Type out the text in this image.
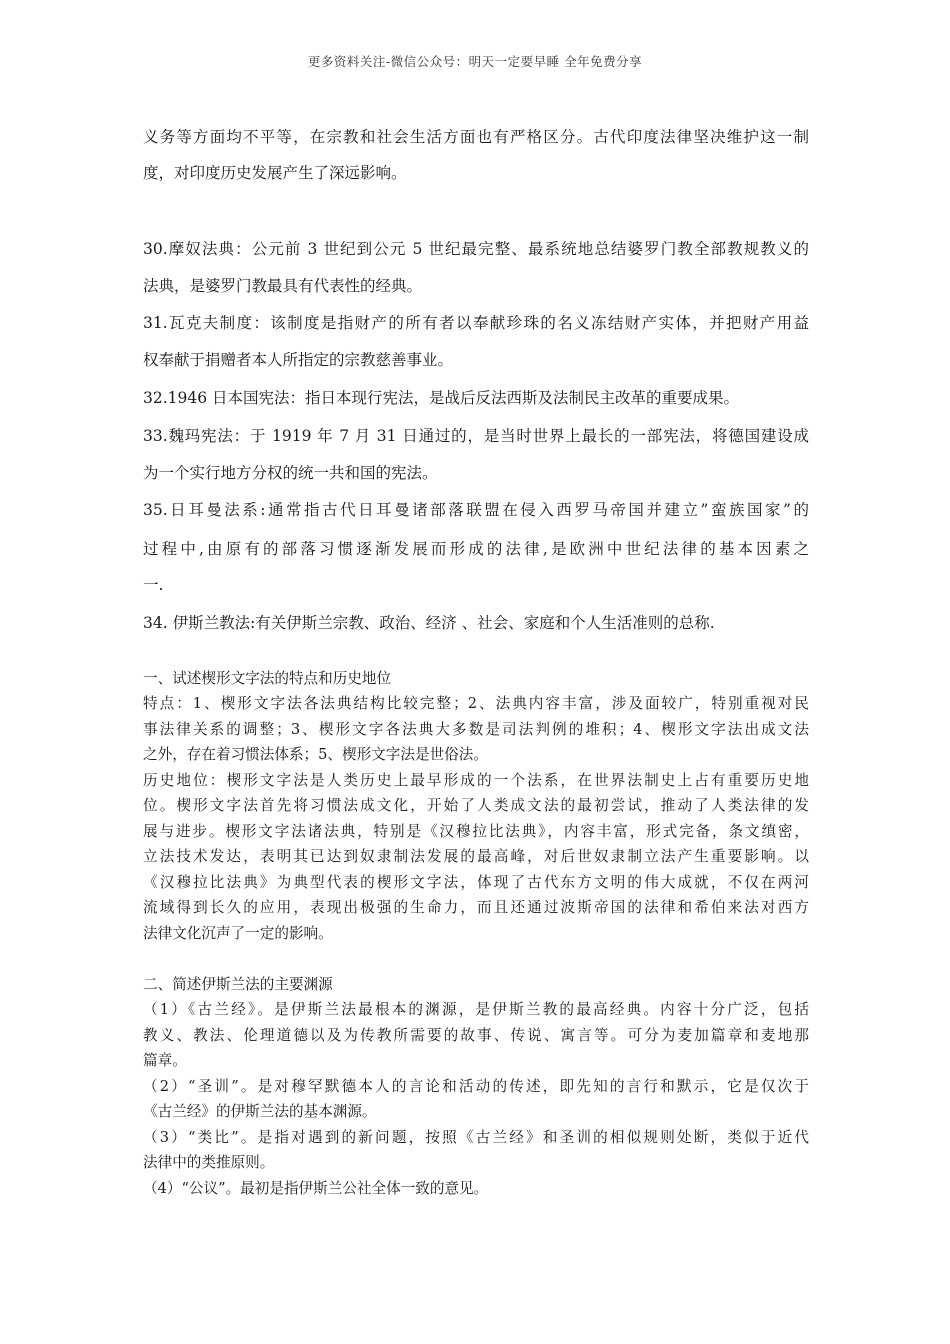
更多资料关注-微信公众号：明天一定要早睡 全年免费分享
义务等方面均不平等，在宗教和社会生活方面也有严格区分。古代印度法律坚决维护这一制
度，对印度历史发展产生了深远影响。
30.摩奴法典：公元前 3 世纪到公元 5 世纪最完整、最系统地总结婆罗门教全部教规教义的
法典，是婆罗门教最具有代表性的经典。
31.瓦克夫制度：该制度是指财产的所有者以奉献珍珠的名义冻结财产实体，并把财产用益
权奉献于捐赠者本人所指定的宗教慈善事业。
32.1946 日本国宪法：指日本现行宪法，是战后反法西斯及法制民主改革的重要成果。
33.魏玛宪法：于 1919 年 7 月 31 日通过的，是当时世界上最长的一部宪法，将德国建设成
为一个实行地方分权的统一共和国的宪法。
35.日耳曼法系:通常指古代日耳曼诸部落联盟在侵入西罗马帝国并建立”蛮族国家”的
过程中,由原有的部落习惯逐渐发展而形成的法律,是欧洲中世纪法律的基本因素之
一.
34. 伊斯兰教法:有关伊斯兰宗教、政治、经济 、社会、家庭和个人生活准则的总称.
一、试述楔形文字法的特点和历史地位
特点：1、楔形文字法各法典结构比较完整；2、法典内容丰富，涉及面较广，特别重视对民
事法律关系的调整；3、楔形文字各法典大多数是司法判例的堆积；4、楔形文字法出成文法
之外，存在着习惯法体系；5、楔形文字法是世俗法。
历史地位：楔形文字法是人类历史上最早形成的一个法系，在世界法制史上占有重要历史地
位。楔形文字法首先将习惯法成文化，开始了人类成文法的最初尝试，推动了人类法律的发
展与进步。楔形文字法诸法典，特别是《汉穆拉比法典》，内容丰富，形式完备，条文缜密，
立法技术发达，表明其已达到奴隶制法发展的最高峰，对后世奴隶制立法产生重要影响。以
《汉穆拉比法典》为典型代表的楔形文字法，体现了古代东方文明的伟大成就，不仅在两河
流域得到长久的应用，表现出极强的生命力，而且还通过波斯帝国的法律和希伯来法对西方
法律文化沉声了一定的影响。
二、简述伊斯兰法的主要渊源
（1）《古兰经》。是伊斯兰法最根本的渊源，是伊斯兰教的最高经典。内容十分广泛，包括
教义、教法、伦理道德以及为传教所需要的故事、传说、寓言等。可分为麦加篇章和麦地那
篇章。
（2）“圣训”。是对穆罕默德本人的言论和活动的传述，即先知的言行和默示，它是仅次于
《古兰经》的伊斯兰法的基本渊源。
（3）“类比”。是指对遇到的新问题，按照《古兰经》和圣训的相似规则处断，类似于近代
法律中的类推原则。
（4）“公议”。最初是指伊斯兰公社全体一致的意见。
